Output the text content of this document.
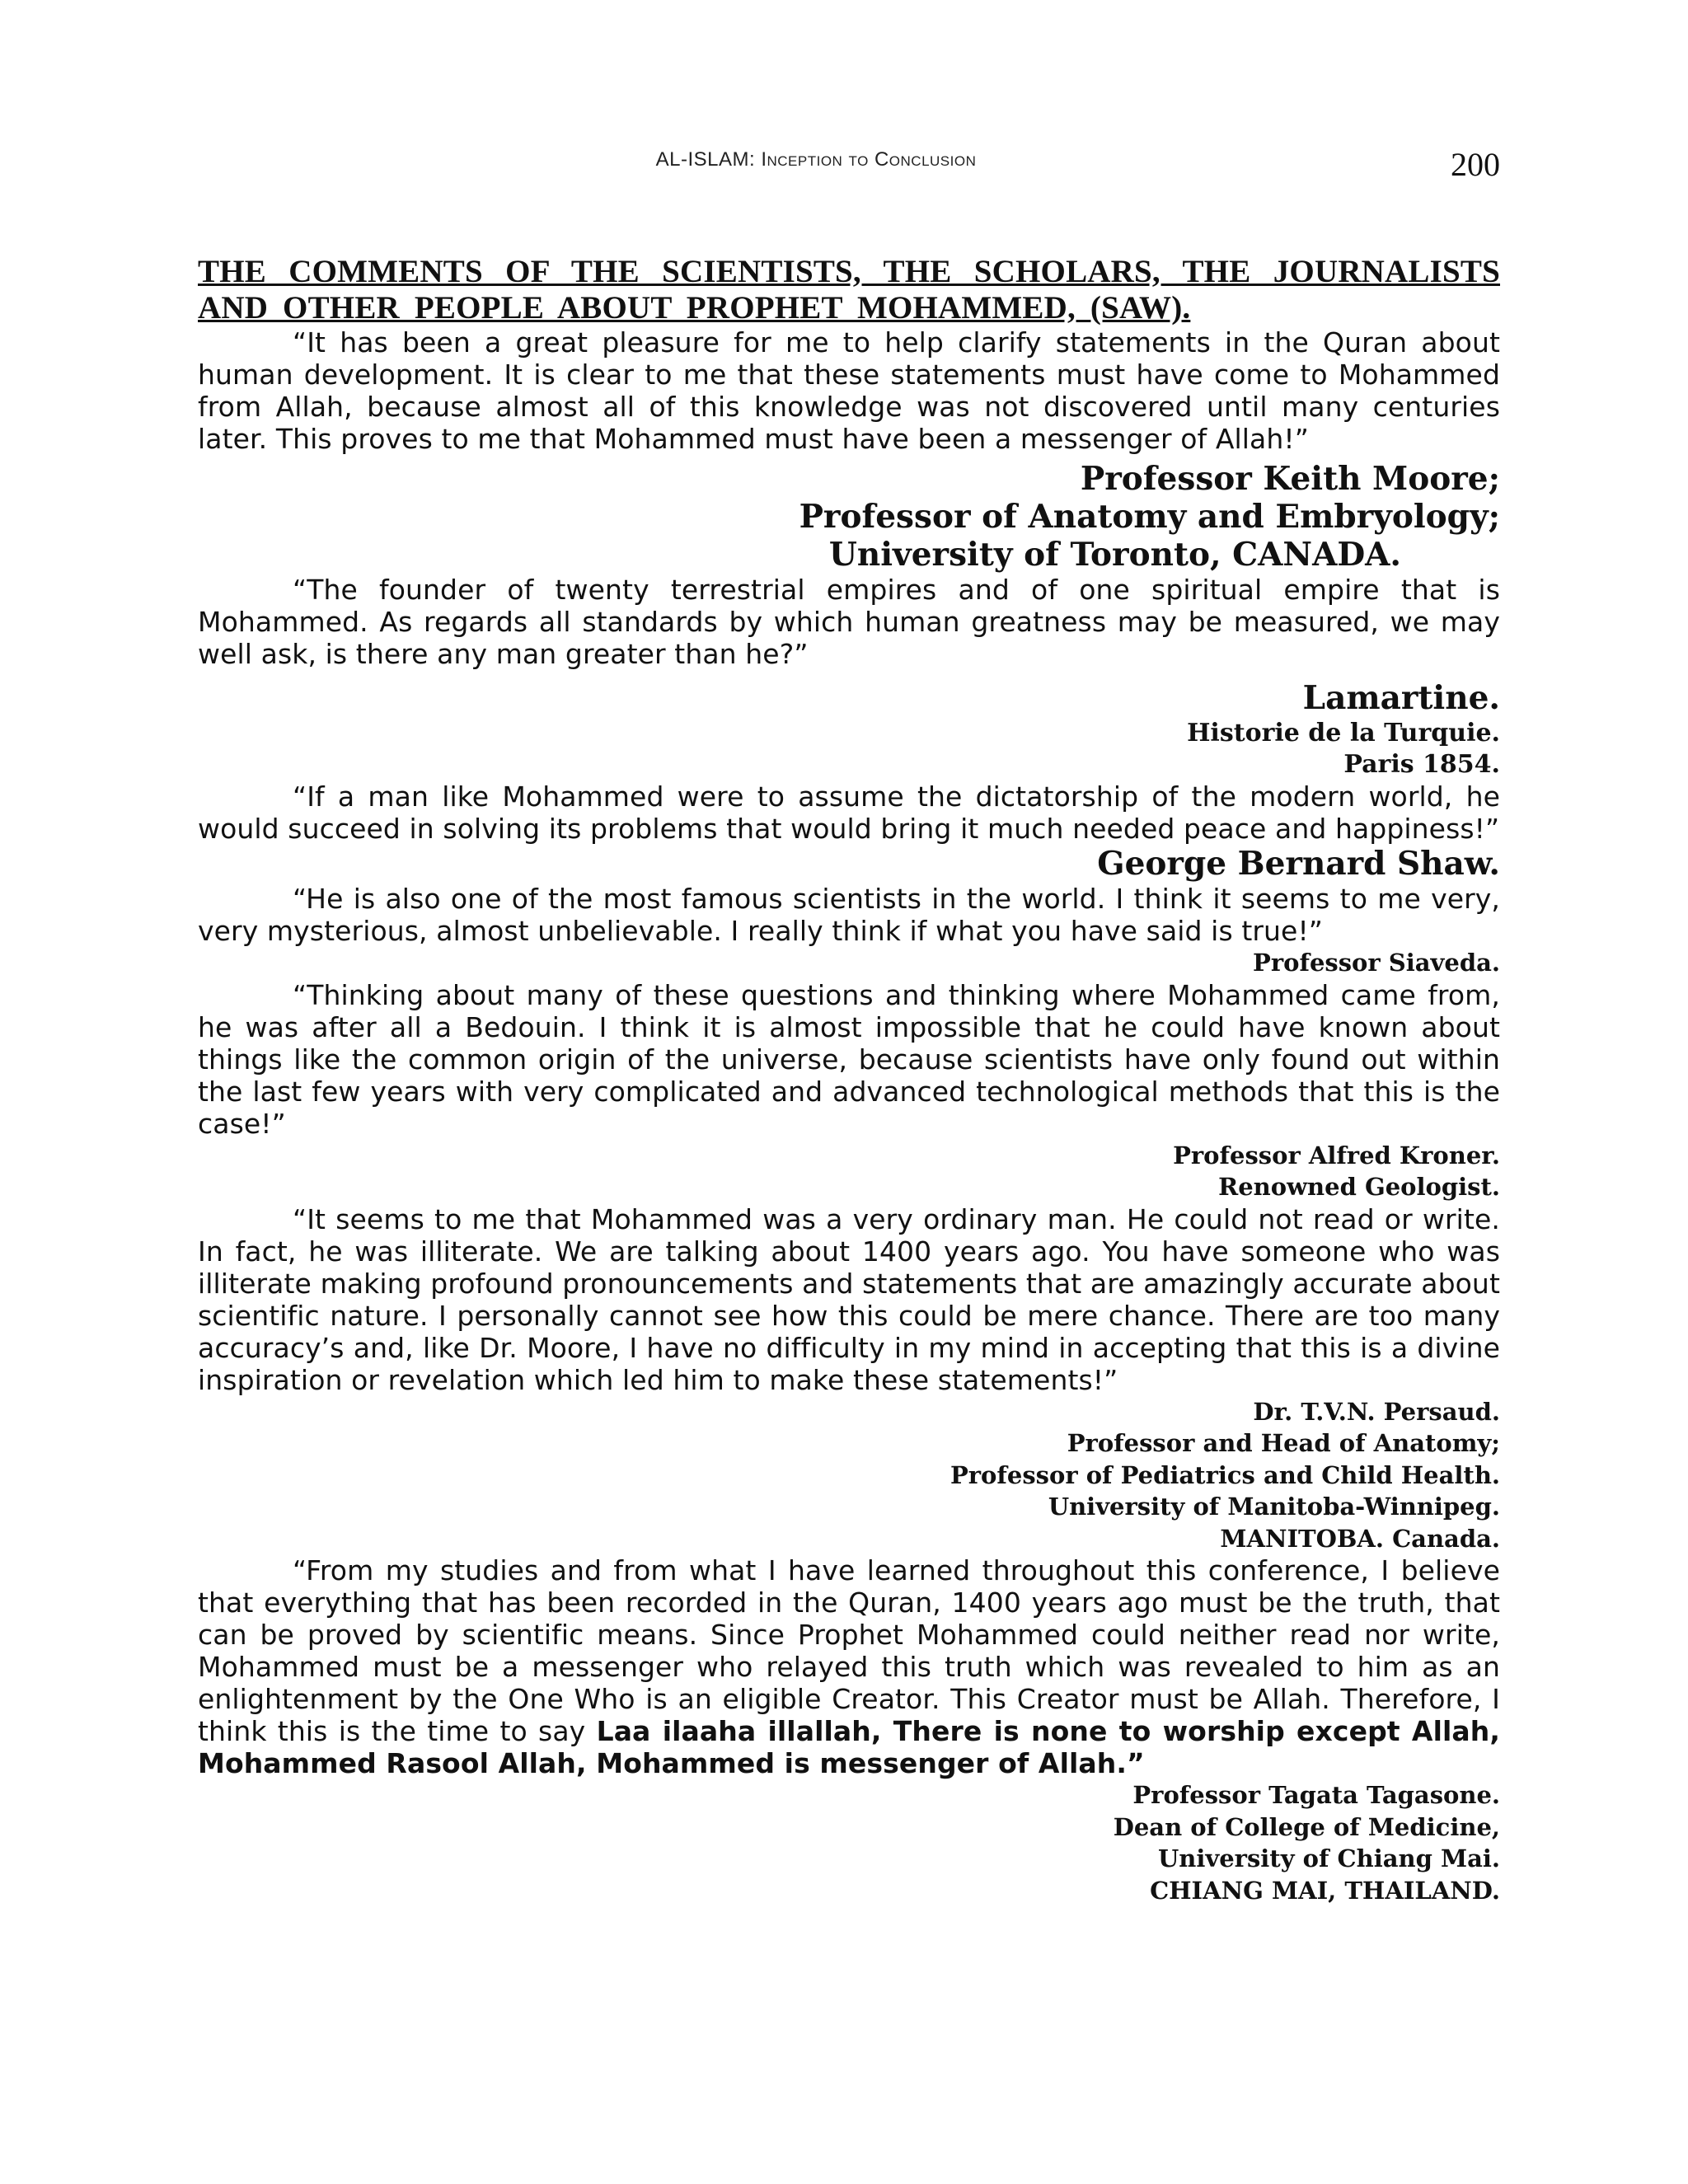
AL-ISLAM: Inception to Conclusion	200

THE COMMENTS OF THE SCIENTISTS, THE SCHOLARS, THE JOURNALISTS AND OTHER PEOPLE ABOUT PROPHET MOHAMMED, (SAW).

“It has been a great pleasure for me to help clarify statements in the Quran about human development. It is clear to me that these statements must have come to Mohammed from Allah, because almost all of this knowledge was not discovered until many centuries later. This proves to me that Mohammed must have been a messenger of Allah!”

Professor Keith Moore;
Professor of Anatomy and Embryology;
University of Toronto, CANADA.

“The founder of twenty terrestrial empires and of one spiritual empire that is Mohammed. As regards all standards by which human greatness may be measured, we may well ask, is there any man greater than he?”

Lamartine.
Historie de la Turquie.
Paris 1854.

“If a man like Mohammed were to assume the dictatorship of the modern world, he would succeed in solving its problems that would bring it much needed peace and happiness!”

George Bernard Shaw.

“He is also one of the most famous scientists in the world. I think it seems to me very, very mysterious, almost unbelievable. I really think if what you have said is true!”

Professor Siaveda.

“Thinking about many of these questions and thinking where Mohammed came from, he was after all a Bedouin. I think it is almost impossible that he could have known about things like the common origin of the universe, because scientists have only found out within the last few years with very complicated and advanced technological methods that this is the case!”

Professor Alfred Kroner.
Renowned Geologist.

“It seems to me that Mohammed was a very ordinary man. He could not read or write. In fact, he was illiterate. We are talking about 1400 years ago. You have someone who was illiterate making profound pronouncements and statements that are amazingly accurate about scientific nature. I personally cannot see how this could be mere chance. There are too many accuracy’s and, like Dr. Moore, I have no difficulty in my mind in accepting that this is a divine inspiration or revelation which led him to make these statements!”

Dr. T.V.N. Persaud.
Professor and Head of Anatomy;
Professor of Pediatrics and Child Health.
University of Manitoba-Winnipeg.
MANITOBA. Canada.

“From my studies and from what I have learned throughout this conference, I believe that everything that has been recorded in the Quran, 1400 years ago must be the truth, that can be proved by scientific means. Since Prophet Mohammed could neither read nor write, Mohammed must be a messenger who relayed this truth which was revealed to him as an enlightenment by the One Who is an eligible Creator. This Creator must be Allah. Therefore, I think this is the time to say Laa ilaaha illallah, There is none to worship except Allah, Mohammed Rasool Allah, Mohammed is messenger of Allah.”

Professor Tagata Tagasone.
Dean of College of Medicine,
University of Chiang Mai.
CHIANG MAI, THAILAND.
